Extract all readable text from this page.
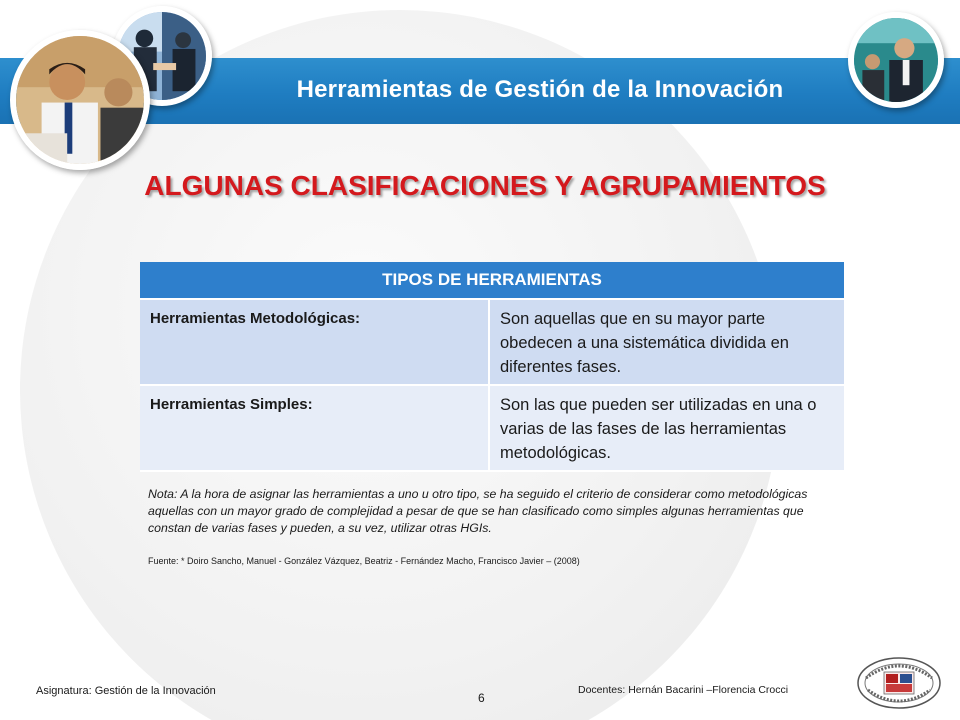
Herramientas de Gestión de la Innovación
ALGUNAS CLASIFICACIONES Y AGRUPAMIENTOS
TIPOS DE HERRAMIENTAS
Herramientas Metodológicas:	Son aquellas que en su mayor parte obedecen a una sistemática dividida en diferentes fases.
Herramientas Simples:	Son las que pueden ser utilizadas en una o varias de las fases de las herramientas metodológicas.
Nota: A la hora de asignar las herramientas a uno u otro tipo, se ha seguido el criterio de considerar como metodológicas aquellas con un mayor grado de complejidad a pesar de que se han clasificado como simples algunas herramientas que constan de varias fases y pueden, a su vez, utilizar otras HGIs.
Fuente: * Doiro Sancho, Manuel - González Vázquez, Beatriz - Fernández Macho, Francisco Javier – (2008)
Asignatura: Gestión de la Innovación	6
Docentes: Hernán Bacarini –Florencia Crocci
